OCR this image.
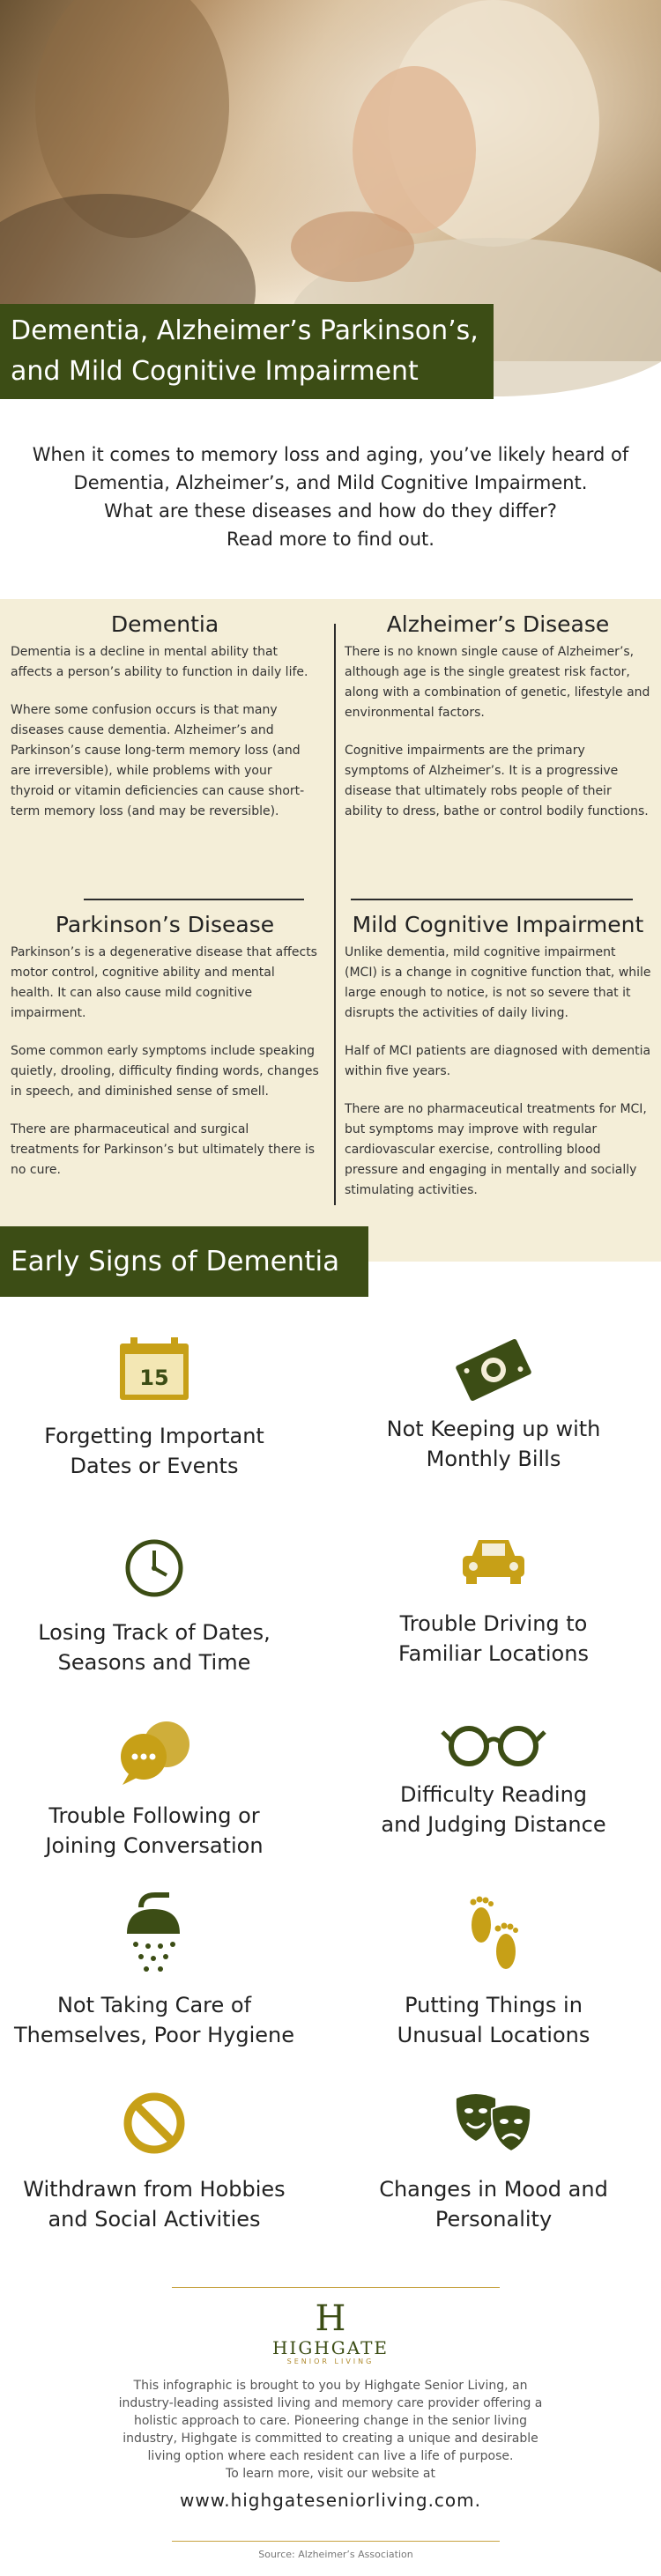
Dementia, Alzheimer’s Parkinson’s,
and Mild Cognitive Impairment
When it comes to memory loss and aging, you’ve likely heard of
Dementia, Alzheimer’s, and Mild Cognitive Impairment.
What are these diseases and how do they differ?
Read more to find out.
Dementia

Dementia is a decline in mental ability that affects a person’s ability to function in daily life.

Where some confusion occurs is that many diseases cause dementia. Alzheimer’s and Parkinson’s cause long-term memory loss (and are irreversible), while problems with your thyroid or vitamin deficiencies can cause short-term memory loss (and may be reversible).

Alzheimer’s Disease

There is no known single cause of Alzheimer’s, although age is the single greatest risk factor, along with a combination of genetic, lifestyle and environmental factors.

Cognitive impairments are the primary symptoms of Alzheimer’s. It is a progressive disease that ultimately robs people of their ability to dress, bathe or control bodily functions.

Parkinson’s Disease

Parkinson’s is a degenerative disease that affects motor control, cognitive ability and mental health. It can also cause mild cognitive impairment.

Some common early symptoms include speaking quietly, drooling, difficulty finding words, changes in speech, and diminished sense of smell.

There are pharmaceutical and surgical treatments for Parkinson’s but ultimately there is no cure.

Mild Cognitive Impairment

Unlike dementia, mild cognitive impairment (MCI) is a change in cognitive function that, while large enough to notice, is not so severe that it disrupts the activities of daily living.

Half of MCI patients are diagnosed with dementia within five years.

There are no pharmaceutical treatments for MCI, but symptoms may improve with regular cardiovascular exercise, controlling blood pressure and engaging in mentally and socially stimulating activities.

Early Signs of Dementia
15
Forgetting Important
Dates or Events
Not Keeping up with
Monthly Bills
Losing Track of Dates,
Seasons and Time
Trouble Driving to
Familiar Locations
Trouble Following or
Joining Conversation
Difficulty Reading
and Judging Distance
Not Taking Care of
Themselves, Poor Hygiene
Putting Things in
Unusual Locations
Withdrawn from Hobbies
and Social Activities
Changes in Mood and
Personality
H
HIGHGATE
SENIOR LIVING
This infographic is brought to you by Highgate Senior Living, an
industry-leading assisted living and memory care provider offering a
holistic approach to care. Pioneering change in the senior living
industry, Highgate is committed to creating a unique and desirable
living option where each resident can live a life of purpose.
To learn more, visit our website at
www.highgateseniorliving.com.
Source: Alzheimer’s Association
